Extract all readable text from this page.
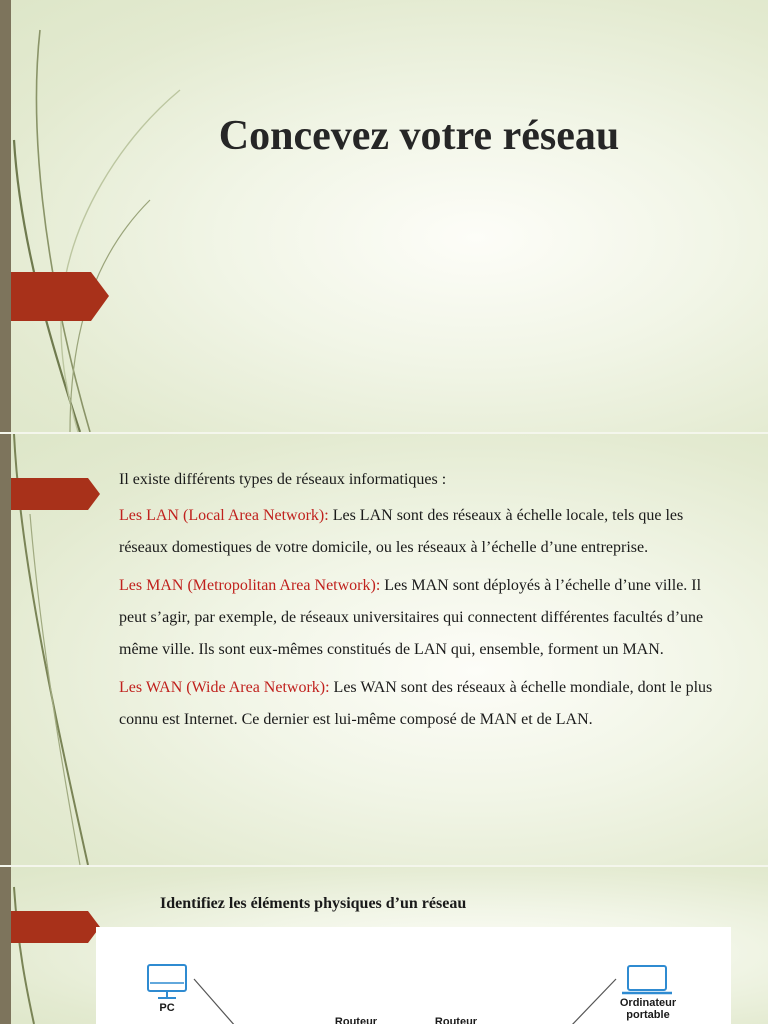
Concevez votre réseau

Il existe différents types de réseaux informatiques :

Les LAN (Local Area Network): Les LAN sont des réseaux à échelle locale, tels que les réseaux domestiques de votre domicile, ou les réseaux à l’échelle d’une entreprise.

Les MAN (Metropolitan Area Network): Les MAN sont déployés à l’échelle d’une ville. Il peut s’agir, par exemple, de réseaux universitaires qui connectent différentes facultés d’une même ville. Ils sont eux-mêmes constitués de LAN qui, ensemble, forment un MAN.

Les WAN (Wide Area Network): Les WAN sont des réseaux à échelle mondiale, dont le plus connu est Internet. Ce dernier est lui-même composé de MAN et de LAN.

Identifiez les éléments physiques d’un réseau
PC
Routeur	Routeur
Ordinateur
portable
